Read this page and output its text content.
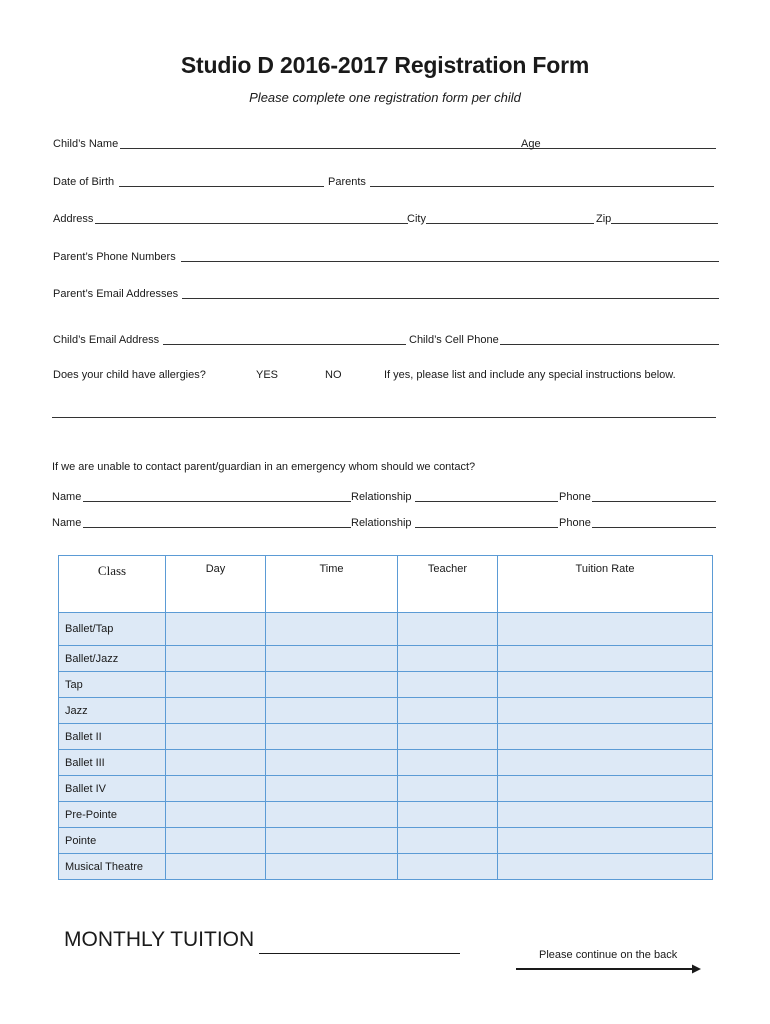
Studio D 2016-2017 Registration Form
Please complete one registration form per child
Child’s Name	Age
Date of Birth	Parents
Address	City	Zip
Parent’s Phone Numbers
Parent’s Email Addresses
Child’s Email Address	Child’s Cell Phone
Does your child have allergies?	YES	NO	If yes, please list and include any special instructions below.
If we are unable to contact parent/guardian in an emergency whom should we contact?
Name	Relationship	Phone
Name	Relationship	Phone
Class	Day	Time	Teacher	Tuition Rate
Ballet/Tap				
Ballet/Jazz				
Tap				
Jazz				
Ballet II				
Ballet III				
Ballet IV				
Pre-Pointe				
Pointe				
Musical Theatre				
MONTHLY TUITION
Please continue on the back
